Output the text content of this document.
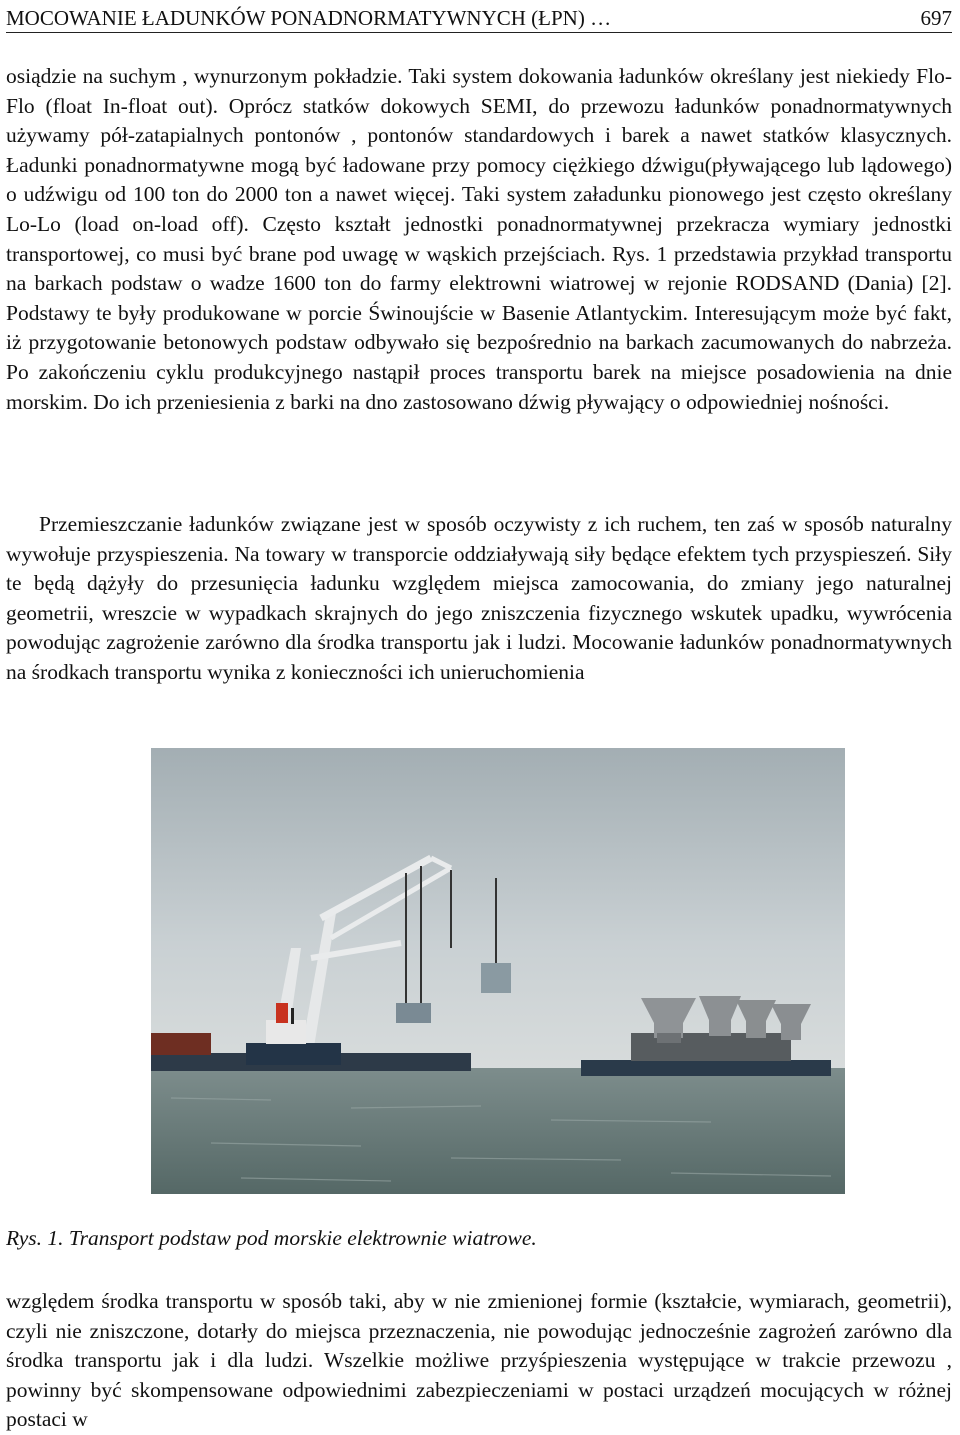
MOCOWANIE ŁADUNKÓW PONADNORMATYWNYCH (ŁPN) …	697

osiądzie na suchym , wynurzonym pokładzie. Taki system dokowania ładunków określany jest niekiedy Flo-Flo (float In-float out). Oprócz statków dokowych SEMI, do przewozu ładunków ponadnormatywnych używamy pół-zatapialnych pontonów , pontonów standardowych i barek a nawet statków klasycznych. Ładunki ponadnormatywne mogą być ładowane przy pomocy ciężkiego dźwigu(pływającego lub lądowego) o udźwigu od 100 ton do 2000 ton a nawet więcej. Taki system załadunku pionowego jest często określany Lo-Lo (load on-load off). Często kształt jednostki ponadnormatywnej przekracza wymiary jednostki transportowej, co musi być brane pod uwagę w wąskich przejściach. Rys. 1 przedstawia przykład transportu na barkach podstaw o wadze 1600 ton do farmy elektrowni wiatrowej w rejonie RODSAND (Dania) [2]. Podstawy te były produkowane w porcie Świnoujście w Basenie Atlantyckim. Interesującym może być fakt, iż przygotowanie betonowych podstaw odbywało się bezpośrednio na barkach zacumowanych do nabrzeża. Po zakończeniu cyklu produkcyjnego nastąpił proces transportu barek na miejsce posadowienia na dnie morskim. Do ich przeniesienia z barki na dno zastosowano dźwig pływający o odpowiedniej nośności.

Przemieszczanie ładunków związane jest w sposób oczywisty z ich ruchem, ten zaś w sposób naturalny wywołuje przyspieszenia. Na towary w transporcie oddziaływają siły będące efektem tych przyspieszeń. Siły te będą dążyły do przesunięcia ładunku względem miejsca zamocowania, do zmiany jego naturalnej geometrii, wreszcie w wypadkach skrajnych do jego zniszczenia fizycznego wskutek upadku, wywrócenia powodując zagrożenie zarówno dla środka transportu jak i ludzi. Mocowanie ładunków ponadnormatywnych na środkach transportu wynika z konieczności ich unieruchomienia

Rys. 1. Transport podstaw pod morskie elektrownie wiatrowe.

względem środka transportu w sposób taki, aby w nie zmienionej formie (kształcie, wymiarach, geometrii), czyli nie zniszczone, dotarły do miejsca przeznaczenia, nie powodując jednocześnie zagrożeń zarówno dla środka transportu jak i dla ludzi. Wszelkie możliwe przyśpieszenia występujące w trakcie przewozu , powinny być skompensowane odpowiednimi zabezpieczeniami w postaci urządzeń mocujących w różnej postaci w
